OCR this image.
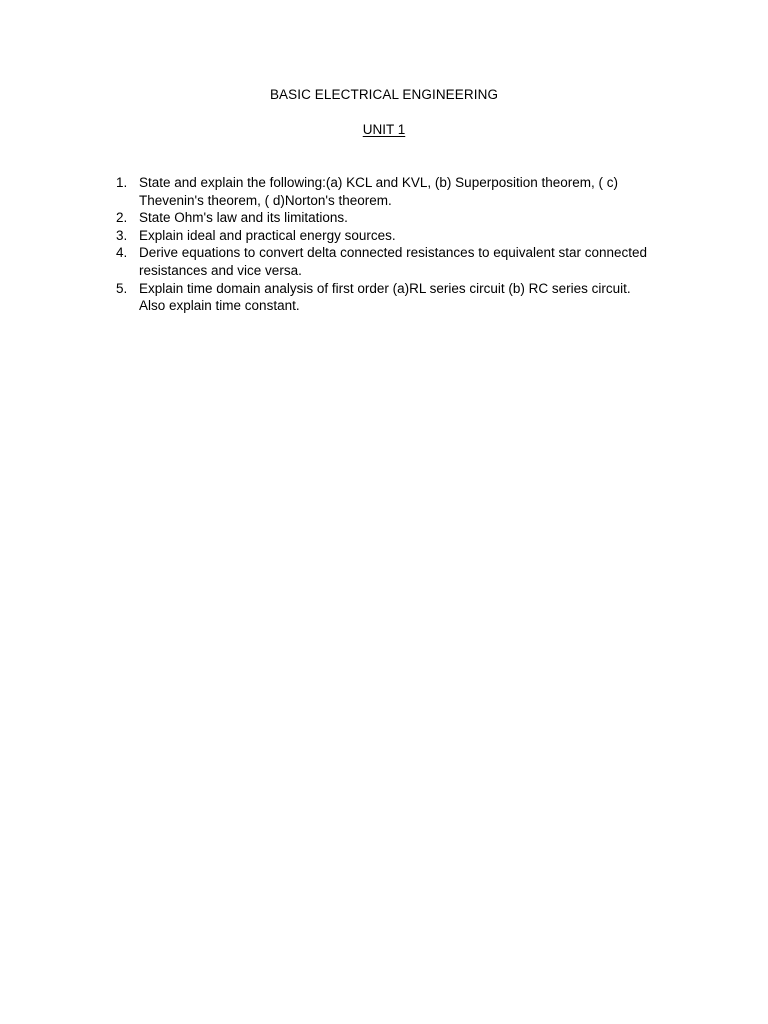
BASIC ELECTRICAL ENGINEERING
UNIT 1
1. State and explain the following:(a) KCL and KVL, (b) Superposition theorem, ( c)
Thevenin's theorem, ( d)Norton's theorem.
2. State Ohm's law and its limitations.
3. Explain ideal and practical energy sources.
4. Derive equations to convert delta connected resistances to equivalent star connected
resistances and vice versa.
5. Explain time domain analysis of first order (a)RL series circuit (b) RC series circuit.
Also explain time constant.
